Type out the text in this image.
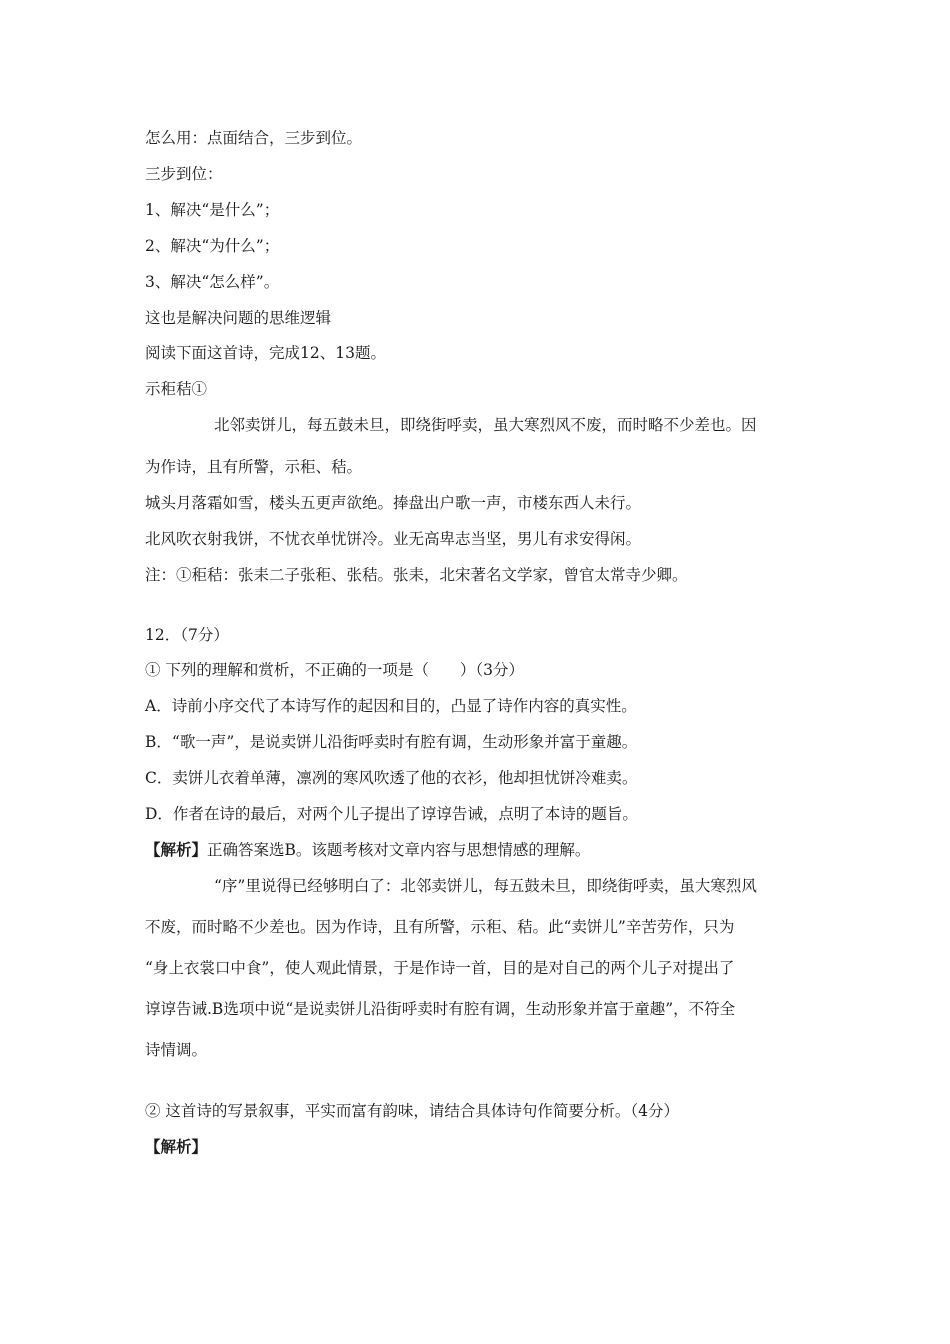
怎么用：点面结合，三步到位。
三步到位：
1、解决“是什么”；
2、解决“为什么”；
3、解决“怎么样”。
这也是解决问题的思维逻辑
阅读下面这首诗，完成12、13题。
示秬秸①
北邻卖饼儿，每五鼓未旦，即绕街呼卖，虽大寒烈风不废，而时略不少差也。因
为作诗，且有所警，示秬、秸。
城头月落霜如雪，楼头五更声欲绝。捧盘出户歌一声，市楼东西人未行。
北风吹衣射我饼，不忧衣单忧饼冷。业无高卑志当坚，男儿有求安得闲。
注：①秬秸：张耒二子张秬、张秸。张耒，北宋著名文学家，曾官太常寺少卿。
12．（7分）
① 下列的理解和赏析，不正确的一项是（　　）（3分）
A．诗前小序交代了本诗写作的起因和目的，凸显了诗作内容的真实性。
B．“歌一声”，是说卖饼儿沿街呼卖时有腔有调，生动形象并富于童趣。
C．卖饼儿衣着单薄，凛冽的寒风吹透了他的衣衫，他却担忧饼冷难卖。
D．作者在诗的最后，对两个儿子提出了谆谆告诫，点明了本诗的题旨。
【解析】正确答案选B。该题考核对文章内容与思想情感的理解。
“序”里说得已经够明白了：北邻卖饼儿，每五鼓未旦，即绕街呼卖，虽大寒烈风
不废，而时略不少差也。因为作诗，且有所警，示秬、秸。此“卖饼儿”辛苦劳作，只为
“身上衣裳口中食”，使人观此情景，于是作诗一首，目的是对自己的两个儿子对提出了
谆谆告诫.B选项中说“是说卖饼儿沿街呼卖时有腔有调，生动形象并富于童趣”，不符全
诗情调。
② 这首诗的写景叙事，平实而富有韵味，请结合具体诗句作简要分析。（4分）
【解析】
